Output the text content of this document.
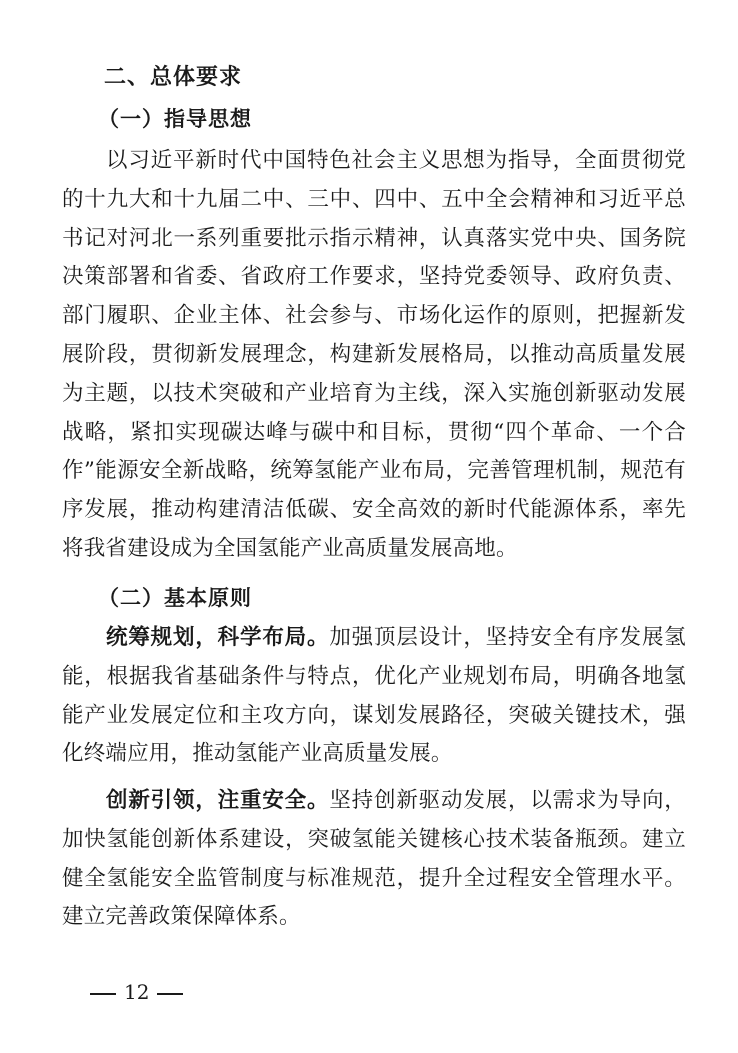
二、总体要求
（一）指导思想

以习近平新时代中国特色社会主义思想为指导，全面贯彻党的十九大和十九届二中、三中、四中、五中全会精神和习近平总书记对河北一系列重要批示指示精神，认真落实党中央、国务院决策部署和省委、省政府工作要求，坚持党委领导、政府负责、部门履职、企业主体、社会参与、市场化运作的原则，把握新发展阶段，贯彻新发展理念，构建新发展格局，以推动高质量发展为主题，以技术突破和产业培育为主线，深入实施创新驱动发展战略，紧扣实现碳达峰与碳中和目标，贯彻“四个革命、一个合作”能源安全新战略，统筹氢能产业布局，完善管理机制，规范有序发展，推动构建清洁低碳、安全高效的新时代能源体系，率先将我省建设成为全国氢能产业高质量发展高地。

（二）基本原则

统筹规划，科学布局。加强顶层设计，坚持安全有序发展氢能，根据我省基础条件与特点，优化产业规划布局，明确各地氢能产业发展定位和主攻方向，谋划发展路径，突破关键技术，强化终端应用，推动氢能产业高质量发展。

创新引领，注重安全。坚持创新驱动发展，以需求为导向，加快氢能创新体系建设，突破氢能关键核心技术装备瓶颈。建立健全氢能安全监管制度与标准规范，提升全过程安全管理水平。建立完善政策保障体系。

12
